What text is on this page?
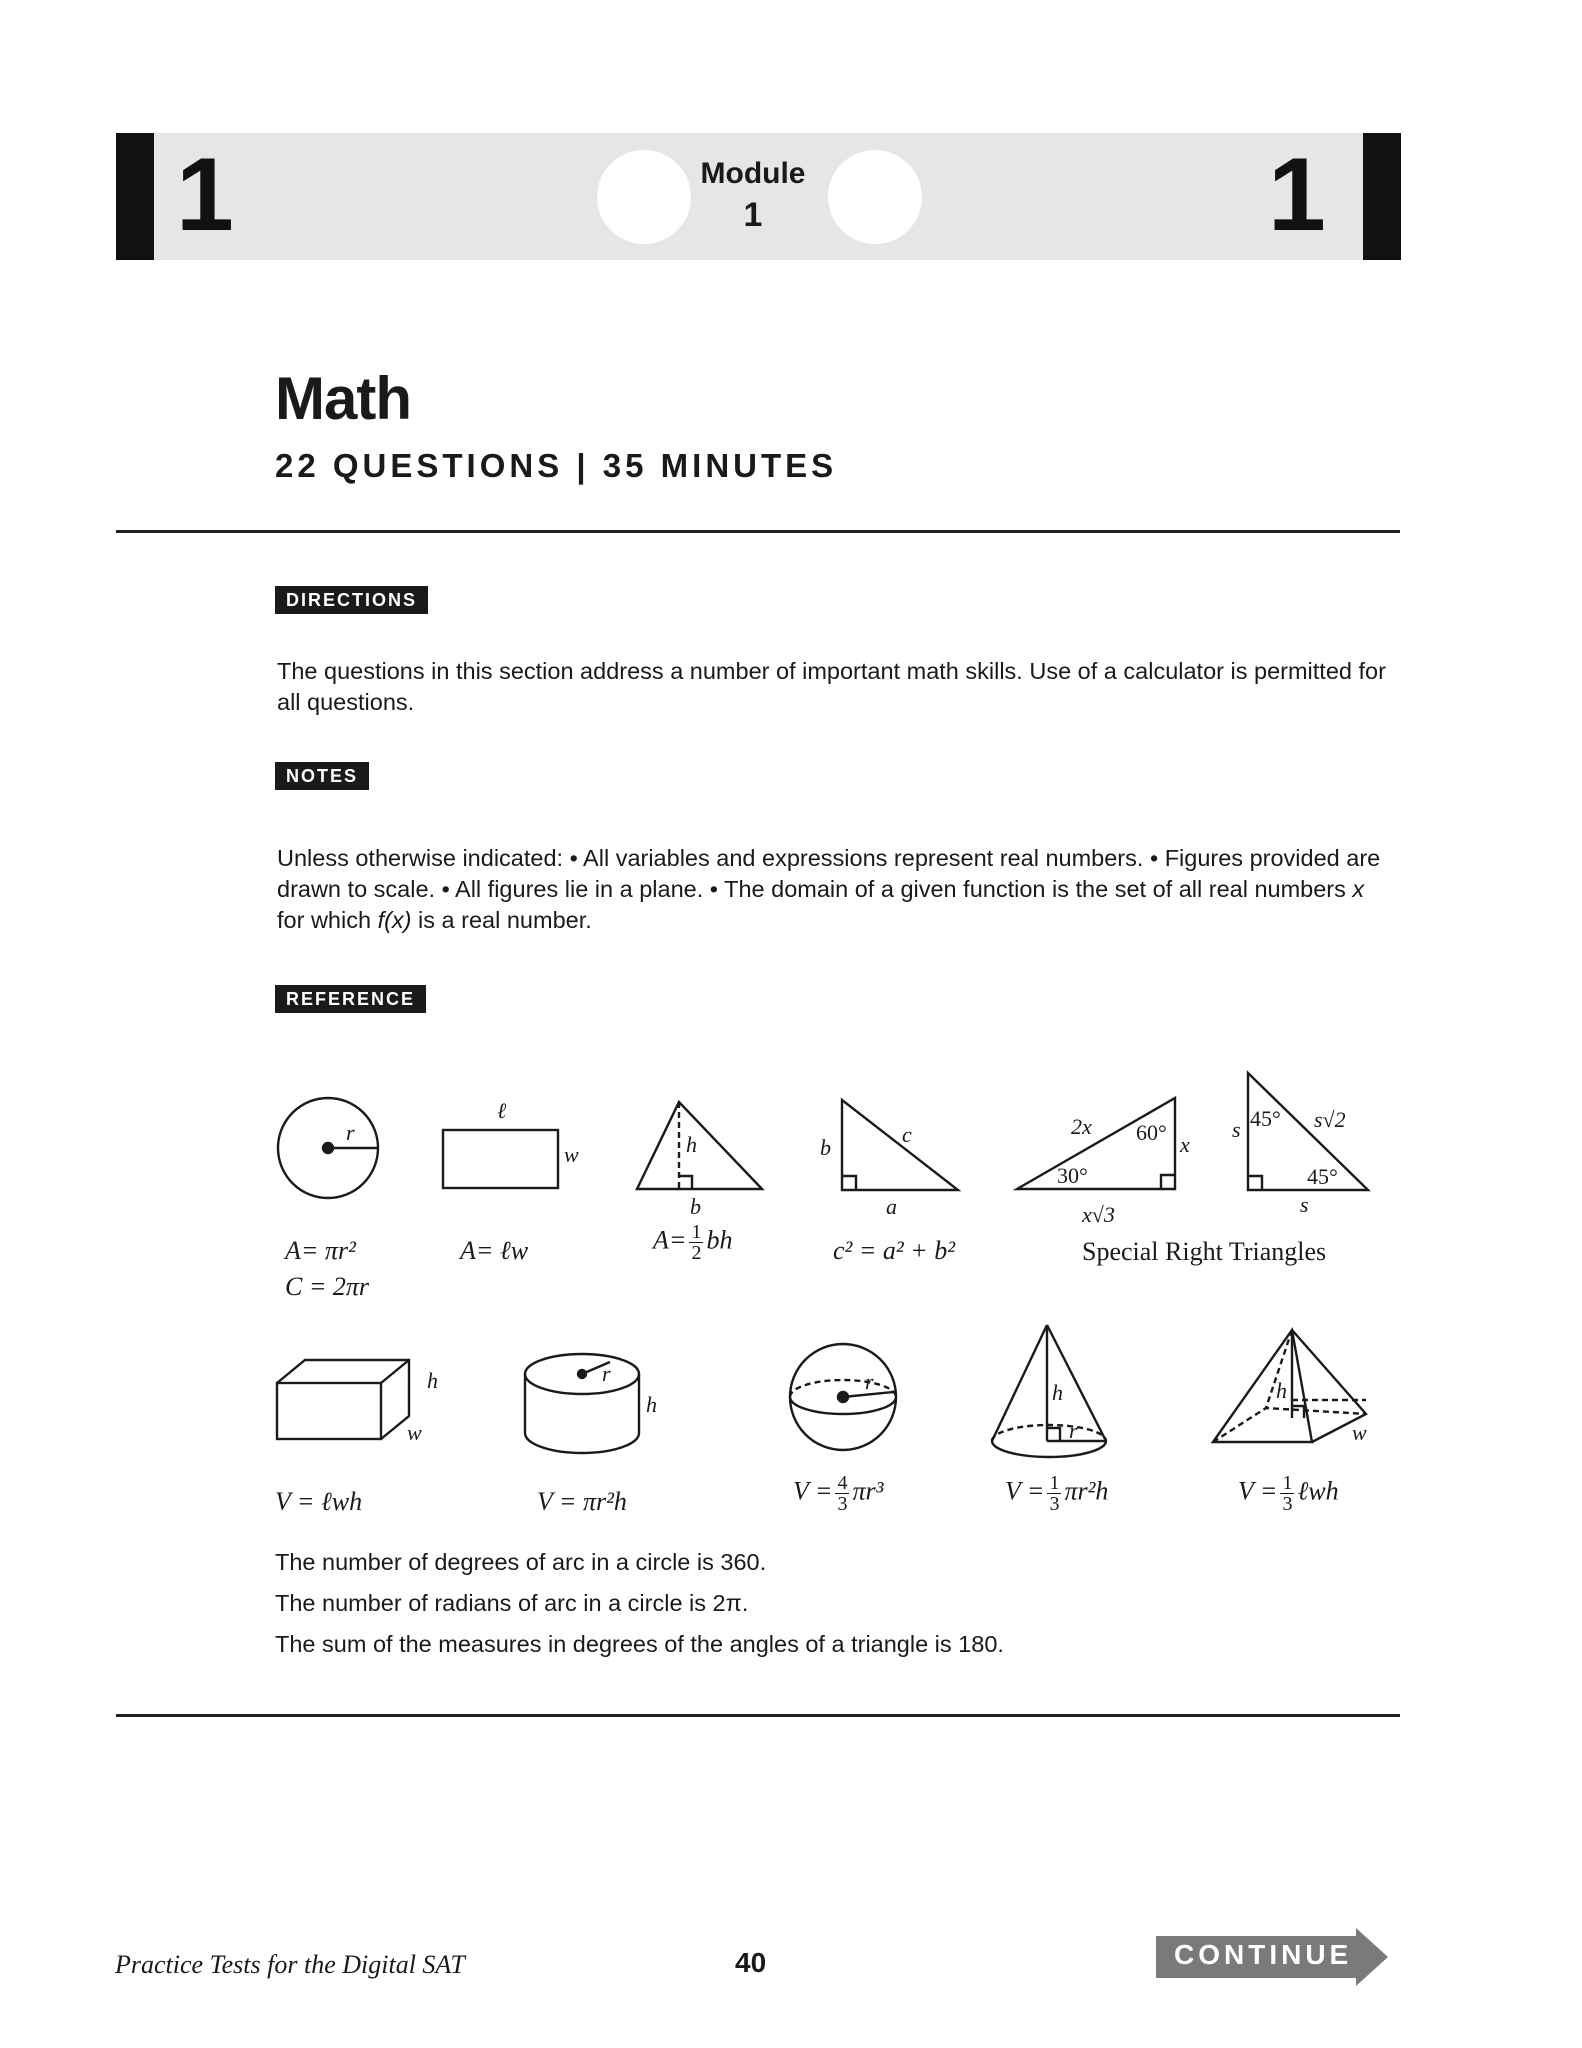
1	1
Module
1
Math
22 QUESTIONS | 35 MINUTES
DIRECTIONS
The questions in this section address a number of important math skills. Use of a calculator is permitted for all questions.
NOTES
Unless otherwise indicated: • All variables and expressions represent real numbers. • Figures provided are drawn to scale. • All figures lie in a plane. • The domain of a given function is the set of all real numbers x for which f(x) is a real number.
REFERENCE
r
ℓ
w	h
b
b
c
a
2x 60° x
30°
x√3
s 45° s√2
45°
s
h
w
r
h
r	h
r
h
w
A= πr²
C = 2πr
A= ℓw	$A= \frac{1}{2}$ bh	c² = a² + b²	Special Right Triangles
V = ℓwh	V = πr²h	$V = \frac{4}{3} \pi r^3$	$V = \frac{1}{3} \pi r^2h$	$V = \frac{1}{3}$ ℓwh
The number of degrees of arc in a circle is 360.
The number of radians of arc in a circle is 2π.
The sum of the measures in degrees of the angles of a triangle is 180.
Practice Tests for the Digital SAT	40	CONTINUE
